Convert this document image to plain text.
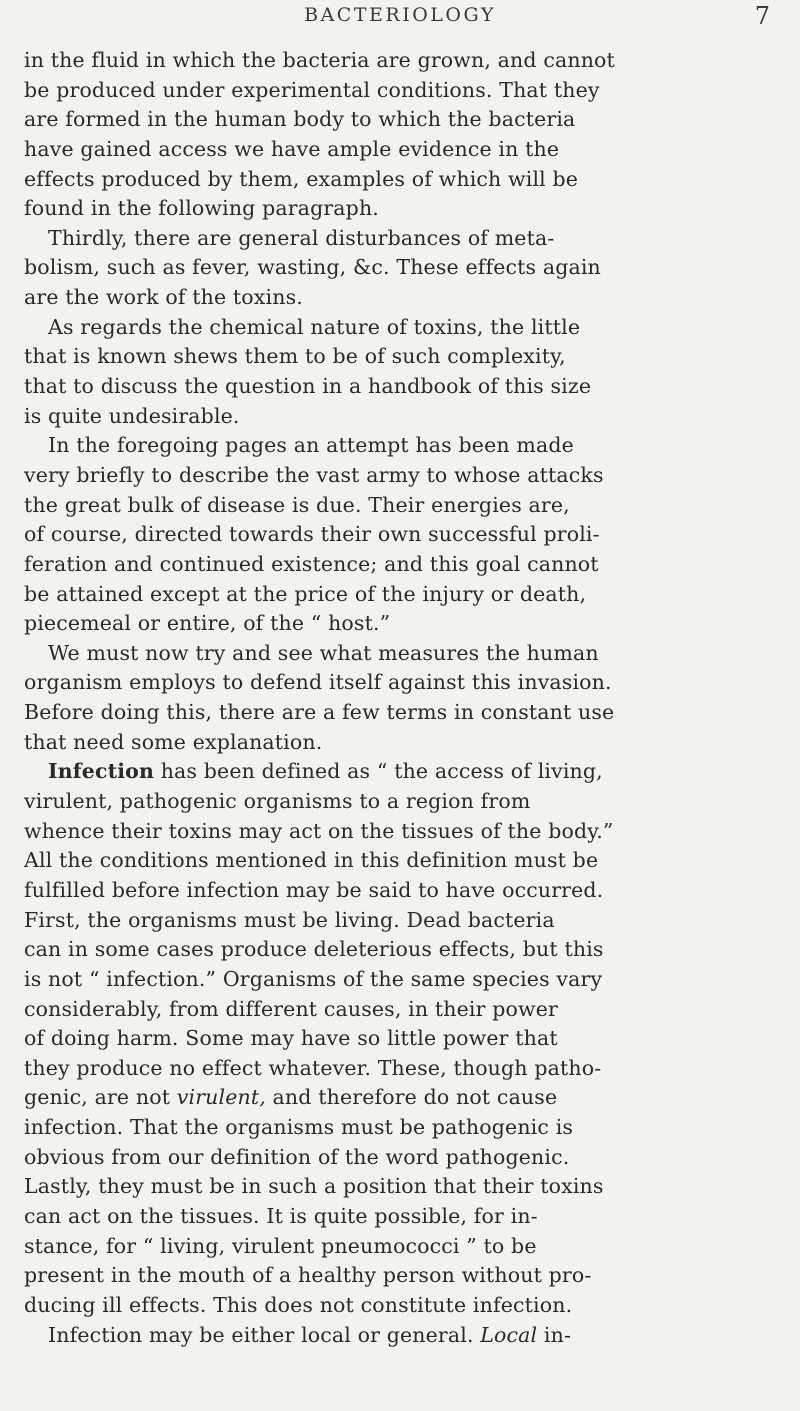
BACTERIOLOGY	7
in the fluid in which the bacteria are grown, and cannot
be produced under experimental conditions. That they
are formed in the human body to which the bacteria
have gained access we have ample evidence in the
effects produced by them, examples of which will be
found in the following paragraph.
Thirdly, there are general disturbances of meta-
bolism, such as fever, wasting, &c. These effects again
are the work of the toxins.
As regards the chemical nature of toxins, the little
that is known shews them to be of such complexity,
that to discuss the question in a handbook of this size
is quite undesirable.
In the foregoing pages an attempt has been made
very briefly to describe the vast army to whose attacks
the great bulk of disease is due. Their energies are,
of course, directed towards their own successful proli-
feration and continued existence; and this goal cannot
be attained except at the price of the injury or death,
piecemeal or entire, of the “ host.”
We must now try and see what measures the human
organism employs to defend itself against this invasion.
Before doing this, there are a few terms in constant use
that need some explanation.
Infection has been defined as “ the access of living,
virulent, pathogenic organisms to a region from
whence their toxins may act on the tissues of the body.”
All the conditions mentioned in this definition must be
fulfilled before infection may be said to have occurred.
First, the organisms must be living. Dead bacteria
can in some cases produce deleterious effects, but this
is not “ infection.” Organisms of the same species vary
considerably, from different causes, in their power
of doing harm. Some may have so little power that
they produce no effect whatever. These, though patho-
genic, are not virulent, and therefore do not cause
infection. That the organisms must be pathogenic is
obvious from our definition of the word pathogenic.
Lastly, they must be in such a position that their toxins
can act on the tissues. It is quite possible, for in-
stance, for “ living, virulent pneumococci ” to be
present in the mouth of a healthy person without pro-
ducing ill effects. This does not constitute infection.
Infection may be either local or general. Local in-
